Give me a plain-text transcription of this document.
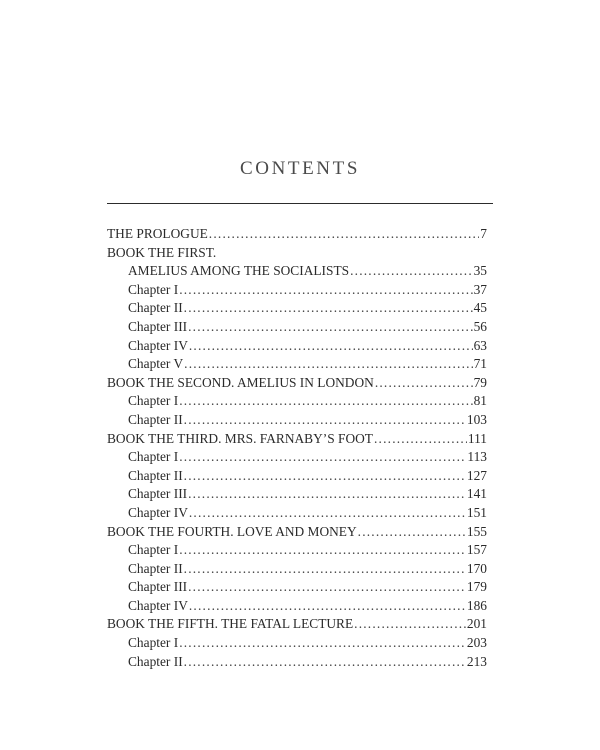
CONTENTS
THE PROLOGUE .....	7
BOOK THE FIRST.
AMELIUS AMONG THE SOCIALISTS .....	35
Chapter I .....	37
Chapter II .....	45
Chapter III .....	56
Chapter IV .....	63
Chapter V .....	71
BOOK THE SECOND. AMELIUS IN LONDON .....	79
Chapter I .....	81
Chapter II .....	103
BOOK THE THIRD. MRS. FARNABY’S FOOT .....	111
Chapter I .....	113
Chapter II .....	127
Chapter III .....	141
Chapter IV .....	151
BOOK THE FOURTH. LOVE AND MONEY .....	155
Chapter I .....	157
Chapter II .....	170
Chapter III .....	179
Chapter IV .....	186
BOOK THE FIFTH. THE FATAL LECTURE .....	201
Chapter I .....	203
Chapter II .....	213
